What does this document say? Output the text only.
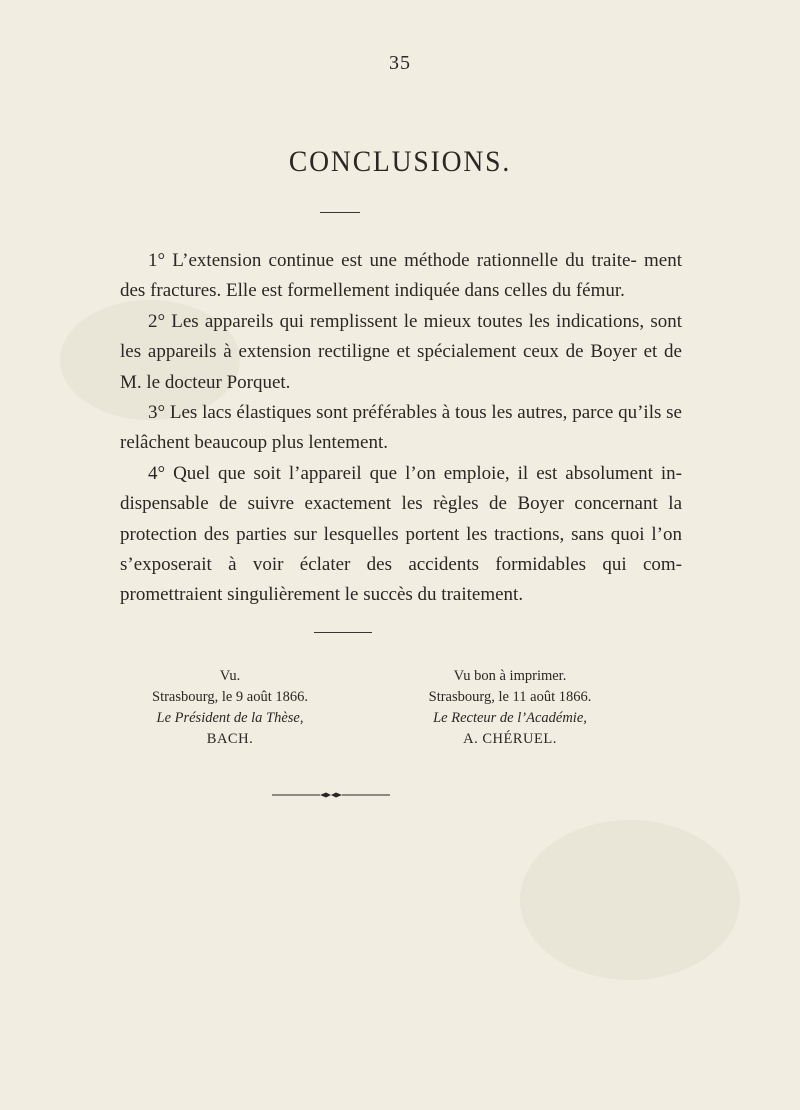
35
CONCLUSIONS.

1° L’extension continue est une méthode rationnelle du traite- ment des fractures. Elle est formellement indiquée dans celles du fémur.

2° Les appareils qui remplissent le mieux toutes les indications, sont les appareils à extension rectiligne et spécialement ceux de Boyer et de M. le docteur Porquet.

3° Les lacs élastiques sont préférables à tous les autres, parce qu’ils se relâchent beaucoup plus lentement.

4° Quel que soit l’appareil que l’on emploie, il est absolument in- dispensable de suivre exactement les règles de Boyer concernant la protection des parties sur lesquelles portent les tractions, sans quoi l’on s’exposerait à voir éclater des accidents formidables qui com- promettraient singulièrement le succès du traitement.

Vu.
Strasbourg, le 9 août 1866.
Le Président de la Thèse,
BACH.
Vu bon à imprimer.
Strasbourg, le 11 août 1866.
Le Recteur de l’Académie,
A. CHÉRUEL.
